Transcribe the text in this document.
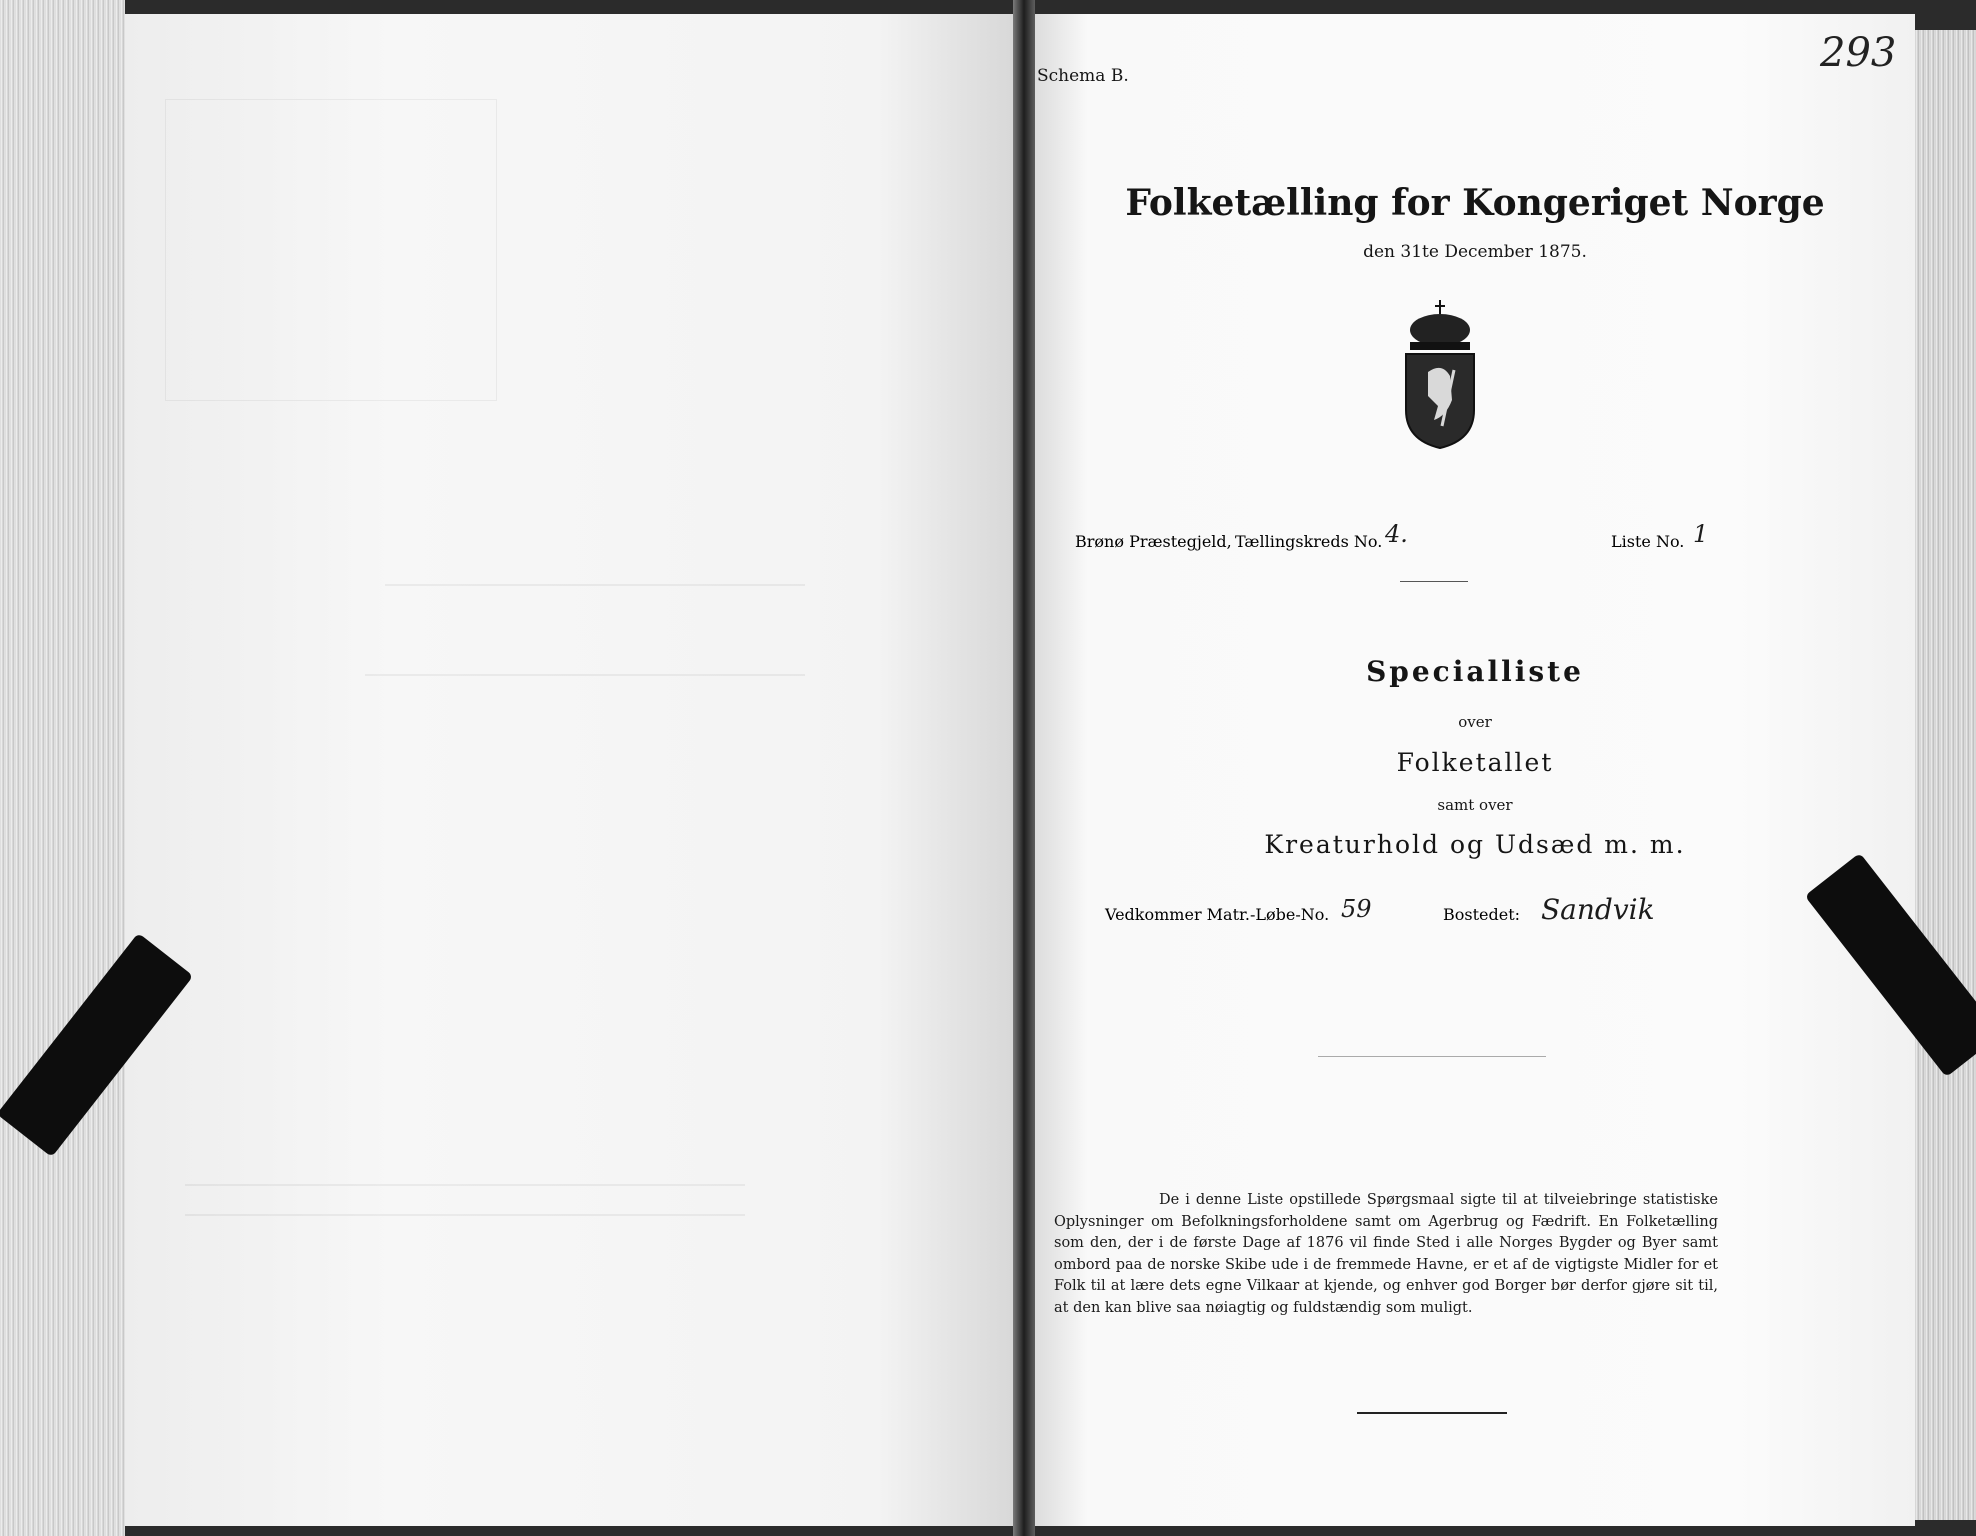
Schema B.	293
Folketælling for Kongeriget Norge
den 31te December 1875.
Brønø Præstegjeld, Tællingskreds No. 4.	Liste No. 1
Specialliste
over
Folketallet
samt over
Kreaturhold og Udsæd m. m.
Vedkommer Matr.-Løbe-No. 59	Bostedet: Sandvik
De i denne Liste opstillede Spørgsmaal sigte til at tilveiebringe statistiske Oplysninger om Befolkningsforholdene samt om Agerbrug og Fædrift. En Folketælling som den, der i de første Dage af 1876 vil finde Sted i alle Norges Bygder og Byer samt ombord paa de norske Skibe ude i de fremmede Havne, er et af de vigtigste Midler for et Folk til at lære dets egne Vilkaar at kjende, og enhver god Borger bør derfor gjøre sit til, at den kan blive saa nøiagtig og fuldstændig som muligt.
